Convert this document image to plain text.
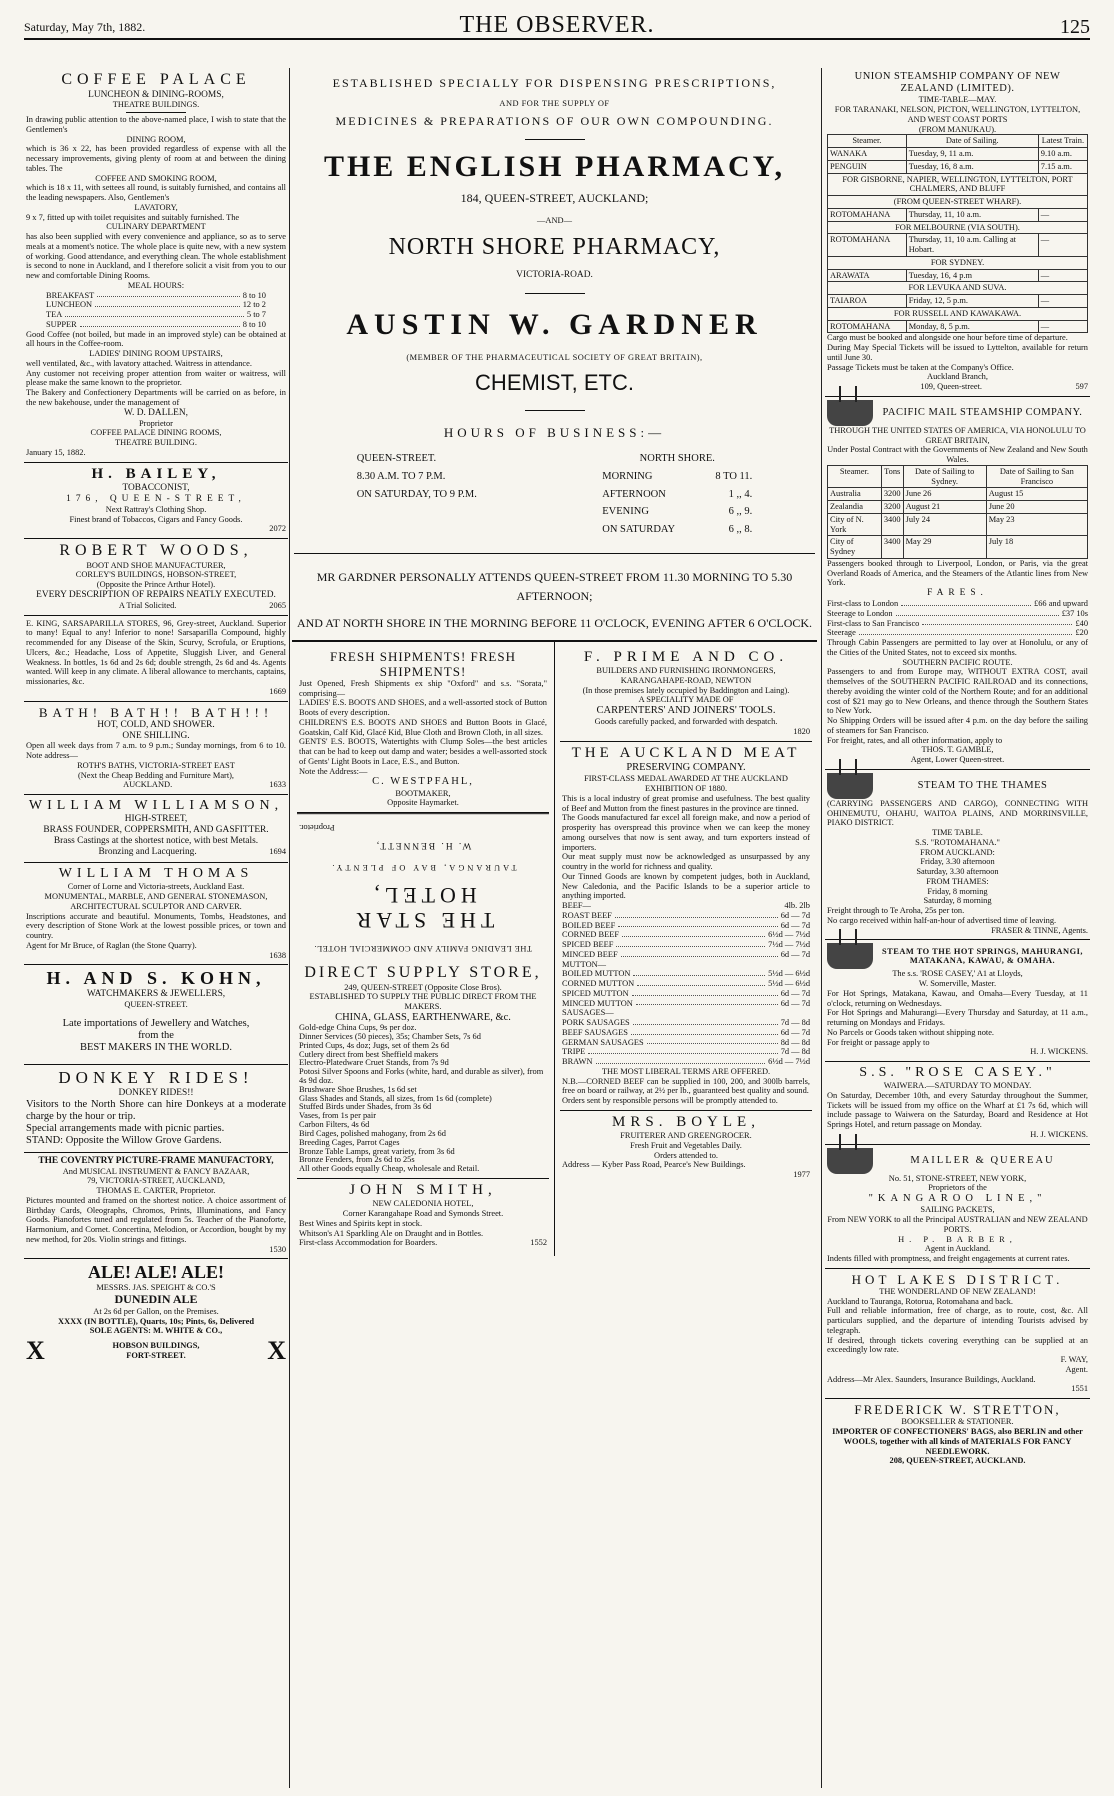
Saturday, May 7th, 1882.	THE OBSERVER.	125
COFFEE PALACE
LUNCHEON & DINING-ROOMS,
THEATRE BUILDINGS.
In drawing public attention to the above-named place, I wish to state that the Gentlemen's
DINING ROOM,
which is 36 x 22, has been provided regardless of expense with all the necessary improvements, giving plenty of room at and between the dining tables. The
COFFEE AND SMOKING ROOM,
which is 18 x 11, with settees all round, is suitably furnished, and contains all the leading newspapers. Also, Gentlemen's
LAVATORY,
9 x 7, fitted up with toilet requisites and suitably furnished. The
CULINARY DEPARTMENT
has also been supplied with every convenience and appliance, so as to serve meals at a moment's notice. The whole place is quite new, with a new system of working. Good attendance, and everything clean. The whole establishment is second to none in Auckland, and I therefore solicit a visit from you to our new and comfortable Dining Rooms.
MEAL HOURS:
BREAKFAST	8 to 10
LUNCHEON	12 to 2
TEA	5 to 7
SUPPER	8 to 10
Good Coffee (not boiled, but made in an improved style) can be obtained at all hours in the Coffee-room.
LADIES' DINING ROOM UPSTAIRS,
well ventilated, &c., with lavatory attached. Waitress in attendance.
Any customer not receiving proper attention from waiter or waitress, will please make the same known to the proprietor.
The Bakery and Confectionery Departments will be carried on as before, in the new bakehouse, under the management of
W. D. DALLEN,
Proprietor
COFFEE PALACE DINING ROOMS,
THEATRE BUILDING.
January 15, 1882.
H. BAILEY,
TOBACCONIST,
176, QUEEN-STREET,
Next Rattray's Clothing Shop.
Finest brand of Tobaccos, Cigars and Fancy Goods.
2072
ROBERT WOODS,
BOOT AND SHOE MANUFACTURER,
CORLEY'S BUILDINGS, HOBSON-STREET,
(Opposite the Prince Arthur Hotel).
EVERY DESCRIPTION OF REPAIRS NEATLY EXECUTED.
A Trial Solicited.	2065
E. KING, SARSAPARILLA STORES, 96, Grey-street, Auckland. Superior to many! Equal to any! Inferior to none! Sarsaparilla Compound, highly recommended for any Disease of the Skin, Scurvy, Scrofula, or Eruptions, Ulcers, &c.; Headache, Loss of Appetite, Sluggish Liver, and General Weakness. In bottles, 1s 6d and 2s 6d; double strength, 2s 6d and 4s. Agents wanted. Will keep in any climate. A liberal allowance to merchants, captains, missionaries, &c.
1669
BATH! BATH!! BATH!!!
HOT, COLD, AND SHOWER.
ONE SHILLING.
Open all week days from 7 a.m. to 9 p.m.; Sunday mornings, from 6 to 10. Note address—
ROTH'S BATHS, VICTORIA-STREET EAST
(Next the Cheap Bedding and Furniture Mart),
AUCKLAND.	1633
WILLIAM WILLIAMSON,
HIGH-STREET,
BRASS FOUNDER, COPPERSMITH, AND GASFITTER.
Brass Castings at the shortest notice, with best Metals.
Bronzing and Lacquering.	1694
WILLIAM THOMAS
Corner of Lorne and Victoria-streets, Auckland East.
MONUMENTAL, MARBLE, AND GENERAL STONEMASON,
ARCHITECTURAL SCULPTOR AND CARVER.
Inscriptions accurate and beautiful. Monuments, Tombs, Headstones, and every description of Stone Work at the lowest possible prices, or town and country.
Agent for Mr Bruce, of Raglan (the Stone Quarry).
1638
H. AND S. KOHN,
WATCHMAKERS & JEWELLERS,
QUEEN-STREET.
Late importations of Jewellery and Watches,
from the
BEST MAKERS IN THE WORLD.
DONKEY RIDES!
DONKEY RIDES!!
Visitors to the North Shore can hire Donkeys at a moderate charge by the hour or trip.
Special arrangements made with picnic parties.
STAND: Opposite the Willow Grove Gardens.
THE COVENTRY PICTURE-FRAME MANUFACTORY,
And MUSICAL INSTRUMENT & FANCY BAZAAR,
79, VICTORIA-STREET, AUCKLAND,
THOMAS E. CARTER, Proprietor.
Pictures mounted and framed on the shortest notice. A choice assortment of Birthday Cards, Oleographs, Chromos, Prints, Illuminations, and Fancy Goods. Pianofortes tuned and regulated from 5s. Teacher of the Pianoforte, Harmonium, and Cornet. Concertina, Melodion, or Accordion, bought by my new method, for 20s. Violin strings and fittings.
1530
ALE! ALE! ALE!
MESSRS. JAS. SPEIGHT & CO.'S
DUNEDIN ALE
At 2s 6d per Gallon, on the Premises.
XXXX (IN BOTTLE), Quarts, 10s; Pints, 6s, Delivered
SOLE AGENTS: M. WHITE & CO.,
X	HOBSON BUILDINGS,
FORT-STREET.	X
ESTABLISHED SPECIALLY FOR DISPENSING PRESCRIPTIONS,
AND FOR THE SUPPLY OF
MEDICINES & PREPARATIONS OF OUR OWN COMPOUNDING.
THE ENGLISH PHARMACY,
184, QUEEN-STREET, AUCKLAND;
—AND—
NORTH SHORE PHARMACY,
VICTORIA-ROAD.
AUSTIN W. GARDNER
(MEMBER OF THE PHARMACEUTICAL SOCIETY OF GREAT BRITAIN),
CHEMIST, ETC.
HOURS OF BUSINESS:—
QUEEN-STREET.
8.30 A.M. TO 7 P.M.
ON SATURDAY, TO 9 P.M.
NORTH SHORE.
MORNING	8 TO 11.
AFTERNOON	1 ,, 4.
EVENING	6 ,, 9.
ON SATURDAY	6 ,, 8.
MR GARDNER PERSONALLY ATTENDS QUEEN-STREET FROM 11.30 MORNING TO 5.30 AFTERNOON;
AND AT NORTH SHORE IN THE MORNING BEFORE 11 O'CLOCK, EVENING AFTER 6 O'CLOCK.
FRESH SHIPMENTS! FRESH SHIPMENTS!
Just Opened, Fresh Shipments ex ship "Oxford" and s.s. "Sorata," comprising—
LADIES' E.S. BOOTS AND SHOES, and a well-assorted stock of Button Boots of every description.
CHILDREN'S E.S. BOOTS AND SHOES and Button Boots in Glacé, Goatskin, Calf Kid, Glacé Kid, Blue Cloth and Brown Cloth, in all sizes.
GENTS' E.S. BOOTS, Watertights with Clump Soles—the best articles that can be had to keep out damp and water; besides a well-assorted stock of Gents' Light Boots in Lace, E.S., and Button.
Note the Address:—
C. WESTPFAHL,
BOOTMAKER,
Opposite Haymarket.
THE LEADING FAMILY AND COMMERCIAL HOTEL.
THE STAR HOTEL,
TAURANGA, BAY OF PLENTY.
W. H. BENNETT,
Proprietor.
DIRECT SUPPLY STORE,
249, QUEEN-STREET (Opposite Close Bros).
ESTABLISHED TO SUPPLY THE PUBLIC DIRECT FROM THE MAKERS.
CHINA, GLASS, EARTHENWARE, &c.
Gold-edge China Cups, 9s per doz.
Dinner Services (50 pieces), 35s; Chamber Sets, 7s 6d
Printed Cups, 4s doz; Jugs, set of them 2s 6d
Cutlery direct from best Sheffield makers
Electro-Platedware Cruet Stands, from 7s 9d
Potosi Silver Spoons and Forks (white, hard, and durable as silver), from 4s 9d doz.
Brushware Shoe Brushes, 1s 6d set
Glass Shades and Stands, all sizes, from 1s 6d (complete)
Stuffed Birds under Shades, from 3s 6d
Vases, from 1s per pair
Carbon Filters, 4s 6d
Bird Cages, polished mahogany, from 2s 6d
Breeding Cages, Parrot Cages
Bronze Table Lamps, great variety, from 3s 6d
Bronze Fenders, from 2s 6d to 25s
All other Goods equally Cheap, wholesale and Retail.
JOHN SMITH,
NEW CALEDONIA HOTEL,
Corner Karangahape Road and Symonds Street.
Best Wines and Spirits kept in stock.
Whitson's A1 Sparkling Ale on Draught and in Bottles.
First-class Accommodation for Boarders.	1552
F. PRIME AND CO.
BUILDERS AND FURNISHING IRONMONGERS,
KARANGAHAPE-ROAD, NEWTON
(In those premises lately occupied by Baddington and Laing).
A SPECIALITY MADE OF
CARPENTERS' AND JOINERS' TOOLS.
Goods carefully packed, and forwarded with despatch.
1820
THE AUCKLAND MEAT
PRESERVING COMPANY.
FIRST-CLASS MEDAL AWARDED AT THE AUCKLAND EXHIBITION OF 1880.
This is a local industry of great promise and usefulness. The best quality of Beef and Mutton from the finest pastures in the province are tinned.
The Goods manufactured far excel all foreign make, and now a period of prosperity has overspread this province when we can keep the money among ourselves that now is sent away, and turn exporters instead of importers.
Our meat supply must now be acknowledged as unsurpassed by any country in the world for richness and quality.
Our Tinned Goods are known by competent judges, both in Auckland, New Caledonia, and the Pacific Islands to be a superior article to anything imported.
BEEF—	4lb. 2lb
ROAST BEEF	6d — 7d
BOILED BEEF	6d — 7d
CORNED BEEF	6½d — 7½d
SPICED BEEF	7½d — 7½d
MINCED BEEF	6d — 7d
MUTTON—
BOILED MUTTON	5½d — 6½d
CORNED MUTTON	5½d — 6½d
SPICED MUTTON	6d — 7d
MINCED MUTTON	6d — 7d
SAUSAGES—
PORK SAUSAGES	7d — 8d
BEEF SAUSAGES	6d — 7d
GERMAN SAUSAGES	8d — 8d
TRIPE	7d — 8d
BRAWN	6½d — 7½d
THE MOST LIBERAL TERMS ARE OFFERED.
N.B.—CORNED BEEF can be supplied in 100, 200, and 300lb barrels, free on board or railway, at 2½ per lb., guaranteed best quality and sound.
Orders sent by responsible persons will be promptly attended to.
MRS. BOYLE,
FRUITERER AND GREENGROCER.
Fresh Fruit and Vegetables Daily.
Orders attended to.
Address — Kyber Pass Road, Pearce's New Buildings.
1977
UNION STEAMSHIP COMPANY OF NEW ZEALAND (LIMITED).
TIME-TABLE—MAY.
FOR TARANAKI, NELSON, PICTON, WELLINGTON, LYTTELTON, AND WEST COAST PORTS
(FROM MANUKAU).
Steamer.	Date of Sailing.	Latest Train.
WANAKA	Tuesday, 9, 11 a.m.	9.10 a.m.
PENGUIN	Tuesday, 16, 8 a.m.	7.15 a.m.
FOR GISBORNE, NAPIER, WELLINGTON, LYTTELTON, PORT CHALMERS, AND BLUFF		
(FROM QUEEN-STREET WHARF).		
ROTOMAHANA	Thursday, 11, 10 a.m.	—
FOR MELBOURNE (VIA SOUTH).		
ROTOMAHANA	Thursday, 11, 10 a.m. Calling at Hobart.	—
FOR SYDNEY.		
ARAWATA	Tuesday, 16, 4 p.m	—
FOR LEVUKA AND SUVA.		
TAIAROA	Friday, 12, 5 p.m.	—
FOR RUSSELL AND KAWAKAWA.		
ROTOMAHANA	Monday, 8, 5 p.m.	—
Cargo must be booked and alongside one hour before time of departure.
During May Special Tickets will be issued to Lyttelton, available for return until June 30.
Passage Tickets must be taken at the Company's Office.
Auckland Branch,
109, Queen-street.	597
PACIFIC MAIL STEAMSHIP COMPANY.
THROUGH THE UNITED STATES OF AMERICA, VIA HONOLULU TO GREAT BRITAIN,
Under Postal Contract with the Governments of New Zealand and New South Wales.
Steamer.	Tons	Date of Sailing to Sydney.	Date of Sailing to San Francisco
Australia	3200	June 26	August 15
Zealandia	3200	August 21	June 20
City of N. York	3400	July 24	May 23
City of Sydney	3400	May 29	July 18
Passengers booked through to Liverpool, London, or Paris, via the great Overland Roads of America, and the Steamers of the Atlantic lines from New York.
FARES.
First-class to London	£66 and upward
Steerage to London	£37 10s
First-class to San Francisco	£40
Steerage	£20
Through Cabin Passengers are permitted to lay over at Honolulu, or any of the Cities of the United States, not to exceed six months.
SOUTHERN PACIFIC ROUTE.
Passengers to and from Europe may, WITHOUT EXTRA COST, avail themselves of the SOUTHERN PACIFIC RAILROAD and its connections, thereby avoiding the winter cold of the Northern Route; and for an additional cost of $21 may go to New Orleans, and thence through the Southern States to New York.
No Shipping Orders will be issued after 4 p.m. on the day before the sailing of steamers for San Francisco.
For freight, rates, and all other information, apply to
THOS. T. GAMBLE,
Agent, Lower Queen-street.
STEAM TO THE THAMES
(CARRYING PASSENGERS AND CARGO), CONNECTING WITH OHINEMUTU, OHAHU, WAITOA PLAINS, AND MORRINSVILLE, PIAKO DISTRICT.
TIME TABLE.
S.S. "ROTOMAHANA."
FROM AUCKLAND:
Friday, 3.30 afternoon
Saturday, 3.30 afternoon
FROM THAMES:
Friday, 8 morning
Saturday, 8 morning
Freight through to Te Aroha, 25s per ton.
No cargo received within half-an-hour of advertised time of leaving.
FRASER & TINNE, Agents.
STEAM TO THE HOT SPRINGS, MAHURANGI, MATAKANA, KAWAU, & OMAHA.
The s.s. 'ROSE CASEY,' A1 at Lloyds,
W. Somerville, Master.
For Hot Springs, Matakana, Kawau, and Omaha—Every Tuesday, at 11 o'clock, returning on Wednesdays.
For Hot Springs and Mahurangi—Every Thursday and Saturday, at 11 a.m., returning on Mondays and Fridays.
No Parcels or Goods taken without shipping note.
For freight or passage apply to
H. J. WICKENS.
S.S. "ROSE CASEY."
WAIWERA.—SATURDAY TO MONDAY.
On Saturday, December 10th, and every Saturday throughout the Summer, Tickets will be issued from my office on the Wharf at £1 7s 6d, which will include passage to Waiwera on the Saturday, Board and Residence at Hot Springs Hotel, and return passage on Monday.
H. J. WICKENS.
MAILLER & QUEREAU
No. 51, STONE-STREET, NEW YORK,
Proprietors of the
"KANGAROO LINE,"
SAILING PACKETS,
From NEW YORK to all the Principal AUSTRALIAN and NEW ZEALAND PORTS.
H. P. BARBER,
Agent in Auckland.
Indents filled with promptness, and freight engagements at current rates.
HOT LAKES DISTRICT.
THE WONDERLAND OF NEW ZEALAND!
Auckland to Tauranga, Rotorua, Rotomahana and back.
Full and reliable information, free of charge, as to route, cost, &c. All particulars supplied, and the departure of intending Tourists advised by telegraph.
If desired, through tickets covering everything can be supplied at an exceedingly low rate.
F. WAY,
Agent.
Address—Mr Alex. Saunders, Insurance Buildings, Auckland.
1551
FREDERICK W. STRETTON,
BOOKSELLER & STATIONER.
IMPORTER OF CONFECTIONERS' BAGS, also BERLIN and other WOOLS, together with all kinds of MATERIALS FOR FANCY NEEDLEWORK.
208, QUEEN-STREET, AUCKLAND.
